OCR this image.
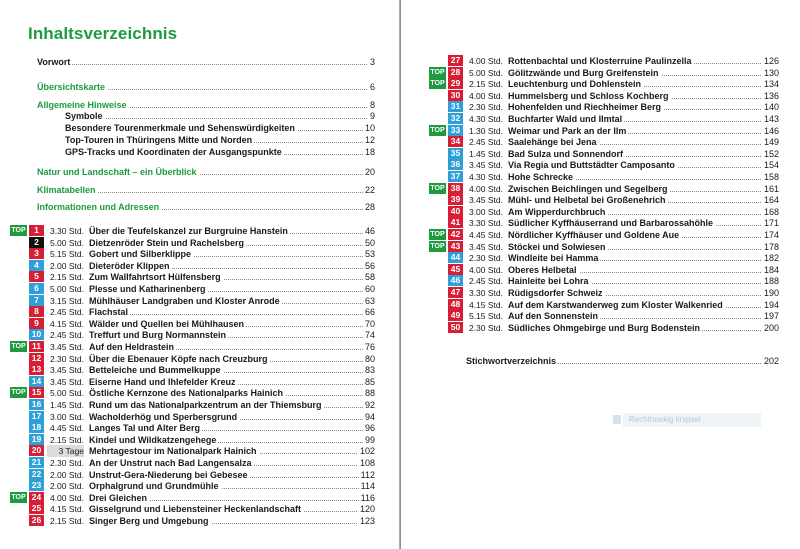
Inhaltsverzeichnis
Vorwort	3
Übersichtskarte	6
Allgemeine Hinweise	8
Symbole	9
Besondere Tourenmerkmale und Sehenswürdigkeiten	10
Top-Touren in Thüringens Mitte und Norden	12
GPS-Tracks und Koordinaten der Ausgangspunkte	18
Natur und Landschaft – ein Überblick	20
Klimatabellen	22
Informationen und Adressen	28
TOP	1	3.30 Std. Über die Teufelskanzel zur Burgruine Hanstein	46
2	5.00 Std. Dietzenröder Stein und Rachelsberg	50
3	5.15 Std. Gobert und Silberklippe	53
4	2.00 Std. Dieteröder Klippen	56
5	2.15 Std. Zum Wallfahrtsort Hülfensberg	58
6	5.00 Std. Plesse und Katharinenberg	60
7	3.15 Std. Mühlhäuser Landgraben und Kloster Anrode	63
8	2.45 Std. Flachstal	66
9	4.15 Std. Wälder und Quellen bei Mühlhausen	70
10	2.45 Std. Treffurt und Burg Normannstein	74
TOP 11	3.45 Std. Auf den Heldrastein	76
12	2.30 Std. Über die Ebenauer Köpfe nach Creuzburg	80
13	3.45 Std. Betteleiche und Bummelkuppe	83
14	3.45 Std. Eiserne Hand und Ihlefelder Kreuz	85
TOP 15	5.00 Std. Östliche Kernzone des Nationalparks Hainich	88
16	1.45 Std. Rund um das Nationalparkzentrum an der Thiemsburg	92
17	3.00 Std. Wacholderhög und Sperbersgrund	94
18	4.45 Std. Langes Tal und Alter Berg	96
19	2.15 Std. Kindel und Wildkatzengehege	99
20	3 Tage Mehrtagestour im Nationalpark Hainich	102
21	2.30 Std. An der Unstrut nach Bad Langensalza	108
22	2.00 Std. Unstrut-Gera-Niederung bei Gebesee	112
23	2.00 Std. Orphalgrund und Grundmühle	114
TOP 24	4.00 Std. Drei Gleichen	116
25	4.15 Std. Gisselgrund und Liebensteiner Heckenlandschaft	120
26	2.15 Std. Singer Berg und Umgebung	123
27	4.00 Std. Rottenbachtal und Klosterruine Paulinzella	126
TOP 28	5.00 Std. Gölitzwände und Burg Greifenstein	130
TOP 29	2.15 Std. Leuchtenburg und Dohlenstein	134
30	4.00 Std. Hummelsberg und Schloss Kochberg	136
31	2.30 Std. Hohenfelden und Riechheimer Berg	140
32	4.30 Std. Buchfarter Wald und Ilmtal	143
TOP 33	1.30 Std. Weimar und Park an der Ilm	146
34	2.45 Std. Saalehänge bei Jena	149
35	1.45 Std. Bad Sulza und Sonnendorf	152
36	3.45 Std. Via Regia und Buttstädter Camposanto	154
37	4.30 Std. Hohe Schrecke	158
TOP 38	4.00 Std. Zwischen Beichlingen und Segelberg	161
39	3.45 Std. Mühl- und Helbetal bei Großenehrich	164
40	3.00 Std. Am Wipperdurchbruch	168
41	3.30 Std. Südlicher Kyffhäuserrand und Barbarossahöhle	171
TOP 42	4.45 Std. Nördlicher Kyffhäuser und Goldene Aue	174
TOP 43	3.45 Std. Stöckei und Solwiesen	178
44	2.30 Std. Windleite bei Hamma	182
45	4.00 Std. Oberes Helbetal	184
46	2.45 Std. Hainleite bei Lohra	188
47	3.30 Std. Rüdigsdorfer Schweiz	190
48	4.15 Std. Auf dem Karstwanderweg zum Kloster Walkenried	194
49	5.15 Std. Auf den Sonnenstein	197
50	2.30 Std. Südliches Ohmgebirge und Burg Bodenstein	200
Stichwortverzeichnis	202
Rechthoekig knipsel
